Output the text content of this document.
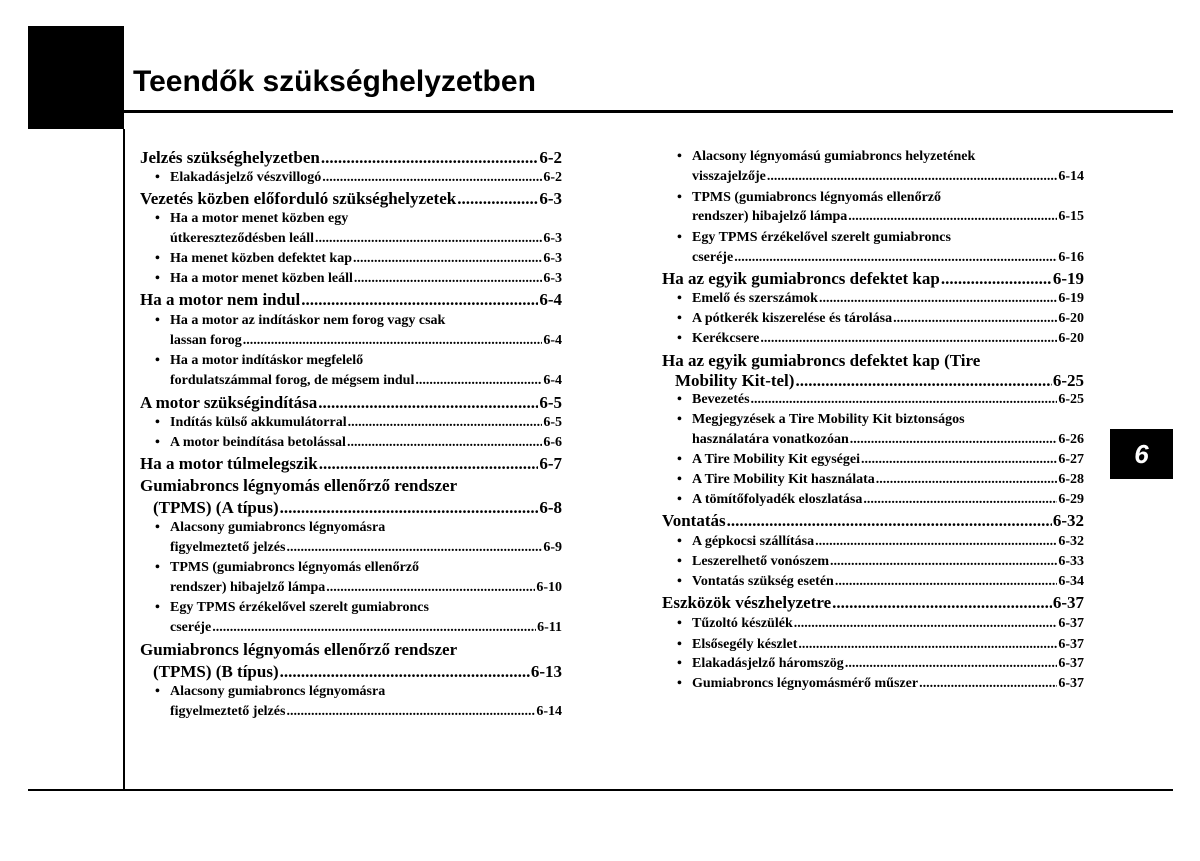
Teendők szükséghelyzetben
6
Jelzés szükséghelyzetben .....	6-2
Elakadásjelző vészvillogó .....	6-2
•
Vezetés közben előforduló szükséghelyzetek .....	6-3
Ha a motor menet közben egy
•
útkereszteződésben leáll .....	6-3
Ha menet közben defektet kap .....	6-3
•
Ha a motor menet közben leáll .....	6-3
•
Ha a motor nem indul .....	6-4
Ha a motor az indításkor nem forog vagy csak
•
lassan forog .....	6-4
Ha a motor indításkor megfelelő
•
fordulatszámmal forog, de mégsem indul .....	6-4
A motor szükségindítása .....	6-5
Indítás külső akkumulátorral .....	6-5
•
A motor beindítása betolással .....	6-6
•
Ha a motor túlmelegszik .....	6-7
Gumiabroncs légnyomás ellenőrző rendszer
(TPMS) (A típus) .....	6-8
Alacsony gumiabroncs légnyomásra
•
figyelmeztető jelzés .....	6-9
TPMS (gumiabroncs légnyomás ellenőrző
•
rendszer) hibajelző lámpa .....	6-10
Egy TPMS érzékelővel szerelt gumiabroncs
•
cseréje .....	6-11
Gumiabroncs légnyomás ellenőrző rendszer
(TPMS) (B típus) .....	6-13
Alacsony gumiabroncs légnyomásra
•
figyelmeztető jelzés .....	6-14
Alacsony légnyomású gumiabroncs helyzetének
•
visszajelzője .....	6-14
TPMS (gumiabroncs légnyomás ellenőrző
•
rendszer) hibajelző lámpa .....	6-15
Egy TPMS érzékelővel szerelt gumiabroncs
•
cseréje .....	6-16
Ha az egyik gumiabroncs defektet kap .....	6-19
Emelő és szerszámok .....	6-19
•
A pótkerék kiszerelése és tárolása .....	6-20
•
Kerékcsere .....	6-20
•
Ha az egyik gumiabroncs defektet kap (Tire
Mobility Kit-tel) .....	6-25
Bevezetés .....	6-25
•
Megjegyzések a Tire Mobility Kit biztonságos
•
használatára vonatkozóan .....	6-26
A Tire Mobility Kit egységei .....	6-27
•
A Tire Mobility Kit használata .....	6-28
•
A tömítőfolyadék eloszlatása .....	6-29
•
Vontatás .....	6-32
A gépkocsi szállítása .....	6-32
•
Leszerelhető vonószem .....	6-33
•
Vontatás szükség esetén .....	6-34
•
Eszközök vészhelyzetre .....	6-37
Tűzoltó készülék .....	6-37
•
Elsősegély készlet .....	6-37
•
Elakadásjelző háromszög .....	6-37
•
Gumiabroncs légnyomásmérő műszer .....	6-37
•
